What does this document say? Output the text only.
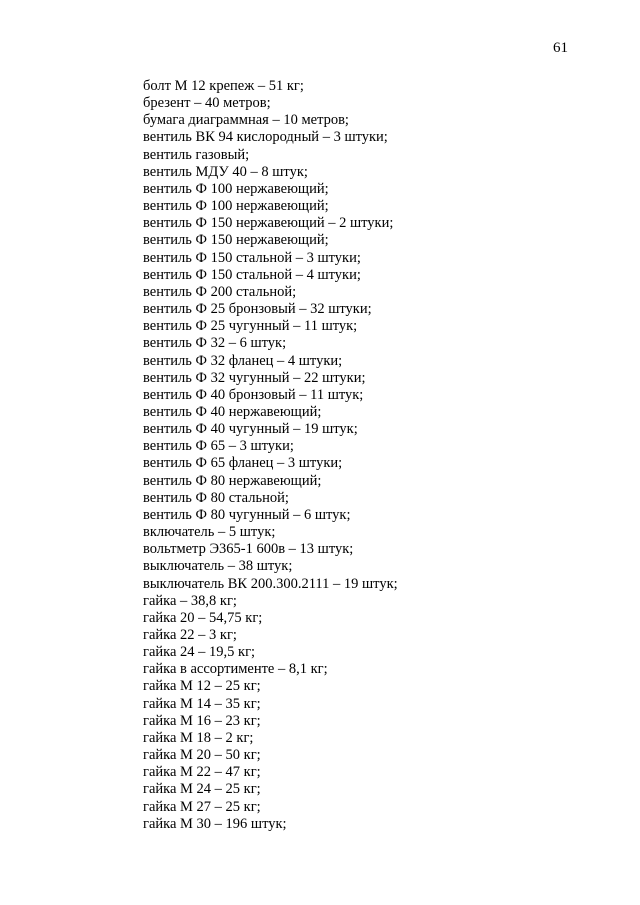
61
болт М 12 крепеж – 51 кг;
брезент – 40 метров;
бумага диаграммная – 10 метров;
вентиль ВК 94 кислородный – 3 штуки;
вентиль газовый;
вентиль МДУ 40 – 8 штук;
вентиль Ф 100 нержавеющий;
вентиль Ф 100 нержавеющий;
вентиль Ф 150 нержавеющий – 2 штуки;
вентиль Ф 150 нержавеющий;
вентиль Ф 150 стальной – 3 штуки;
вентиль Ф 150 стальной – 4 штуки;
вентиль Ф 200 стальной;
вентиль Ф 25 бронзовый – 32 штуки;
вентиль Ф 25 чугунный – 11 штук;
вентиль Ф 32 – 6 штук;
вентиль Ф 32 фланец – 4 штуки;
вентиль Ф 32 чугунный – 22 штуки;
вентиль Ф 40 бронзовый – 11 штук;
вентиль Ф 40 нержавеющий;
вентиль Ф 40 чугунный – 19 штук;
вентиль Ф 65 – 3 штуки;
вентиль Ф 65 фланец – 3 штуки;
вентиль Ф 80 нержавеющий;
вентиль Ф 80 стальной;
вентиль Ф 80 чугунный – 6 штук;
включатель – 5 штук;
вольтметр Э365-1 600в – 13 штук;
выключатель – 38 штук;
выключатель ВК 200.300.2111 – 19 штук;
гайка – 38,8 кг;
гайка 20 – 54,75 кг;
гайка 22 – 3 кг;
гайка 24 – 19,5 кг;
гайка в ассортименте – 8,1 кг;
гайка М 12 – 25 кг;
гайка М 14 – 35 кг;
гайка М 16 – 23 кг;
гайка М 18 – 2 кг;
гайка М 20 – 50 кг;
гайка М 22 – 47 кг;
гайка М 24 – 25 кг;
гайка М 27 – 25 кг;
гайка М 30 – 196 штук;
